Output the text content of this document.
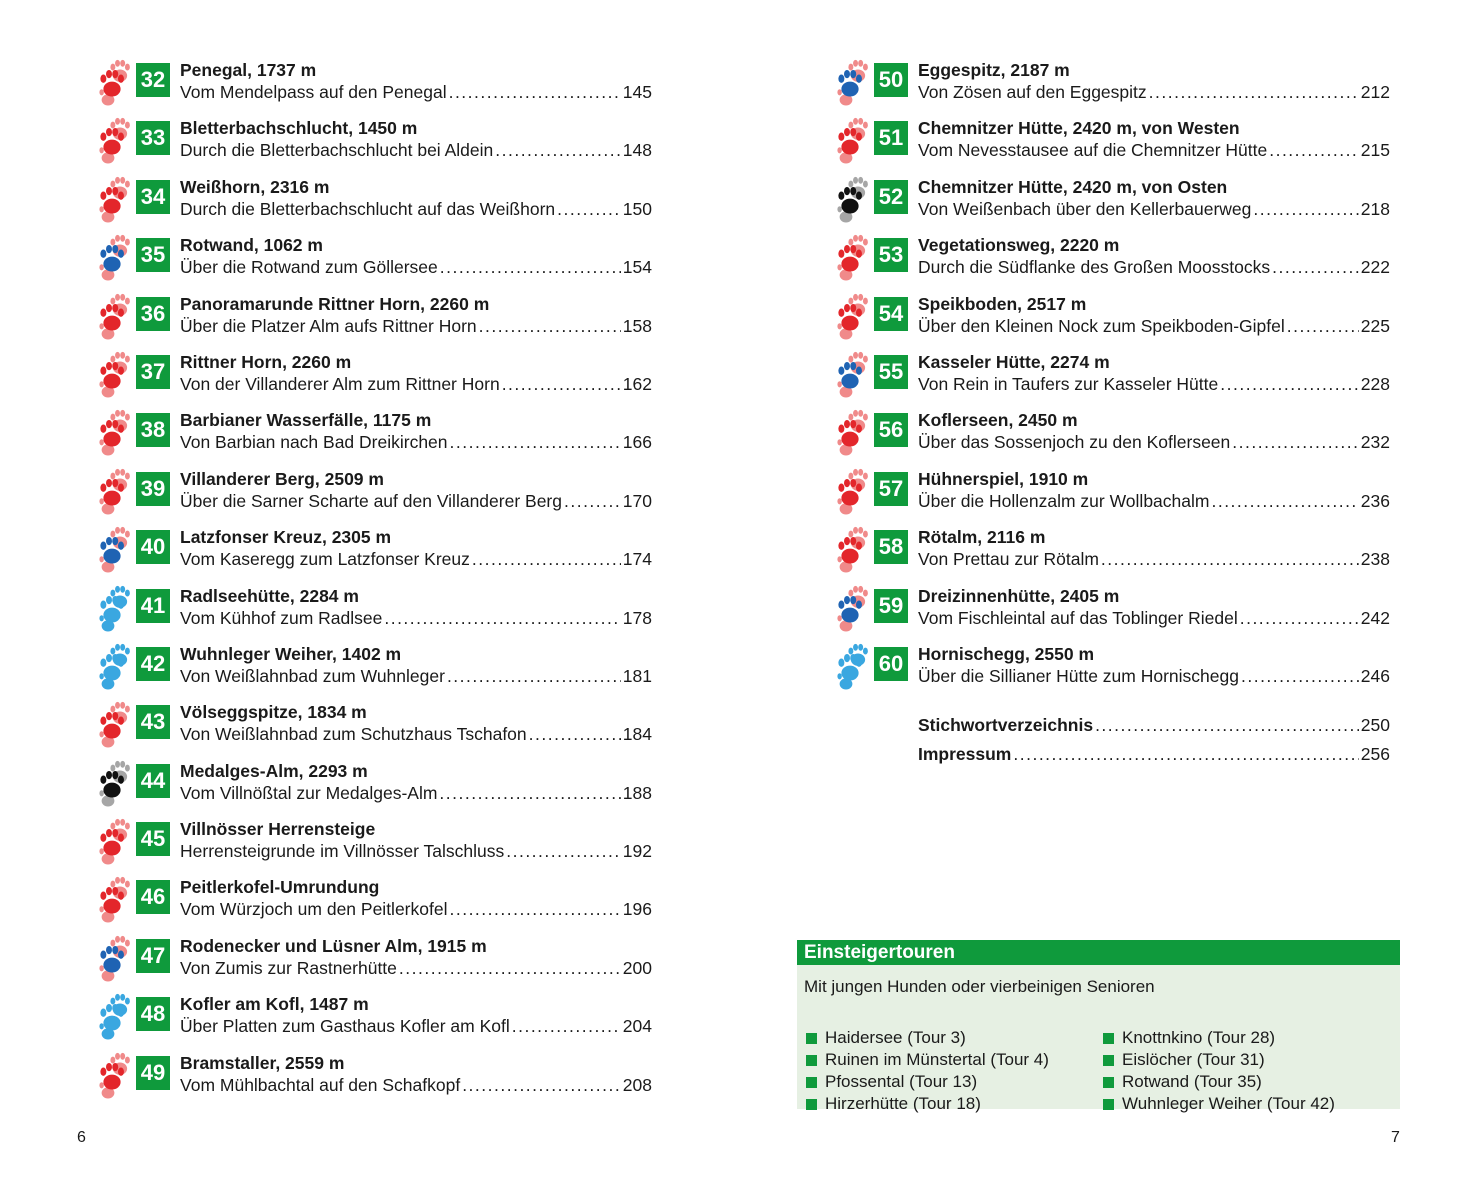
32 Penegal, 1737 m
Vom Mendelpass auf den Penegal .....	145
33 Bletterbachschlucht, 1450 m
Durch die Bletterbachschlucht bei Aldein .....	148
34 Weißhorn, 2316 m
Durch die Bletterbachschlucht auf das Weißhorn .....	150
35 Rotwand, 1062 m
Über die Rotwand zum Göllersee .....	154
36 Panoramarunde Rittner Horn, 2260 m
Über die Platzer Alm aufs Rittner Horn .....	158
37 Rittner Horn, 2260 m
Von der Villanderer Alm zum Rittner Horn .....	162
38 Barbianer Wasserfälle, 1175 m
Von Barbian nach Bad Dreikirchen .....	166
39 Villanderer Berg, 2509 m
Über die Sarner Scharte auf den Villanderer Berg .....	170
40 Latzfonser Kreuz, 2305 m
Vom Kaseregg zum Latzfonser Kreuz .....	174
41 Radlseehütte, 2284 m
Vom Kühhof zum Radlsee .....	178
42 Wuhnleger Weiher, 1402 m
Von Weißlahnbad zum Wuhnleger .....	181
43 Völseggspitze, 1834 m
Von Weißlahnbad zum Schutzhaus Tschafon .....	184
44 Medalges-Alm, 2293 m
Vom Villnößtal zur Medalges-Alm .....	188
45 Villnösser Herrensteige
Herrensteigrunde im Villnösser Talschluss .....	192
46 Peitlerkofel-Umrundung
Vom Würzjoch um den Peitlerkofel .....	196
47 Rodenecker und Lüsner Alm, 1915 m
Von Zumis zur Rastnerhütte .....	200
48 Kofler am Kofl, 1487 m
Über Platten zum Gasthaus Kofler am Kofl .....	204
49 Bramstaller, 2559 m
Vom Mühlbachtal auf den Schafkopf .....	208
50 Eggespitz, 2187 m
Von Zösen auf den Eggespitz .....	212
51 Chemnitzer Hütte, 2420 m, von Westen
Vom Nevesstausee auf die Chemnitzer Hütte .....	215
52 Chemnitzer Hütte, 2420 m, von Osten
Von Weißenbach über den Kellerbauerweg .....	218
53 Vegetationsweg, 2220 m
Durch die Südflanke des Großen Moosstocks .....	222
54 Speikboden, 2517 m
Über den Kleinen Nock zum Speikboden-Gipfel .....	225
55 Kasseler Hütte, 2274 m
Von Rein in Taufers zur Kasseler Hütte .....	228
56 Koflerseen, 2450 m
Über das Sossenjoch zu den Koflerseen .....	232
57 Hühnerspiel, 1910 m
Über die Hollenzalm zur Wollbachalm .....	236
58 Rötalm, 2116 m
Von Prettau zur Rötalm .....	238
59 Dreizinnenhütte, 2405 m
Vom Fischleintal auf das Toblinger Riedel .....	242
60 Hornischegg, 2550 m
Über die Sillianer Hütte zum Hornischegg .....	246
Stichwortverzeichnis .....	250
Impressum .....	256
Einsteigertouren
Mit jungen Hunden oder vierbeinigen Senioren
Haidersee (Tour 3)
Ruinen im Münstertal (Tour 4)
Pfossental (Tour 13)
Hirzerhütte (Tour 18)
Knottnkino (Tour 28)
Eislöcher (Tour 31)
Rotwand (Tour 35)
Wuhnleger Weiher (Tour 42)
6	7
